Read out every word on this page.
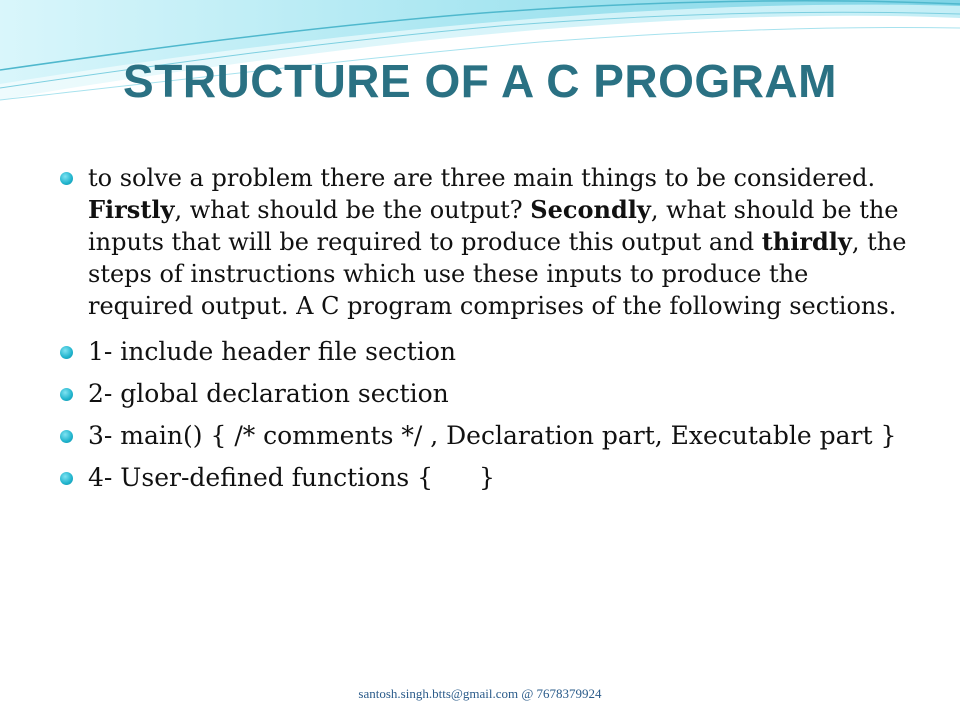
STRUCTURE OF A C PROGRAM
to solve a problem there are three main things to be considered. Firstly, what should be the output? Secondly, what should be the inputs that will be required to produce this output and thirdly, the steps of instructions which use these inputs to produce the required output. A C program comprises of the following sections.
1- include header file section
2- global declaration section
3- main() { /* comments */ , Declaration part, Executable part }
4- User-defined functions { }
santosh.singh.btts@gmail.com @ 7678379924
